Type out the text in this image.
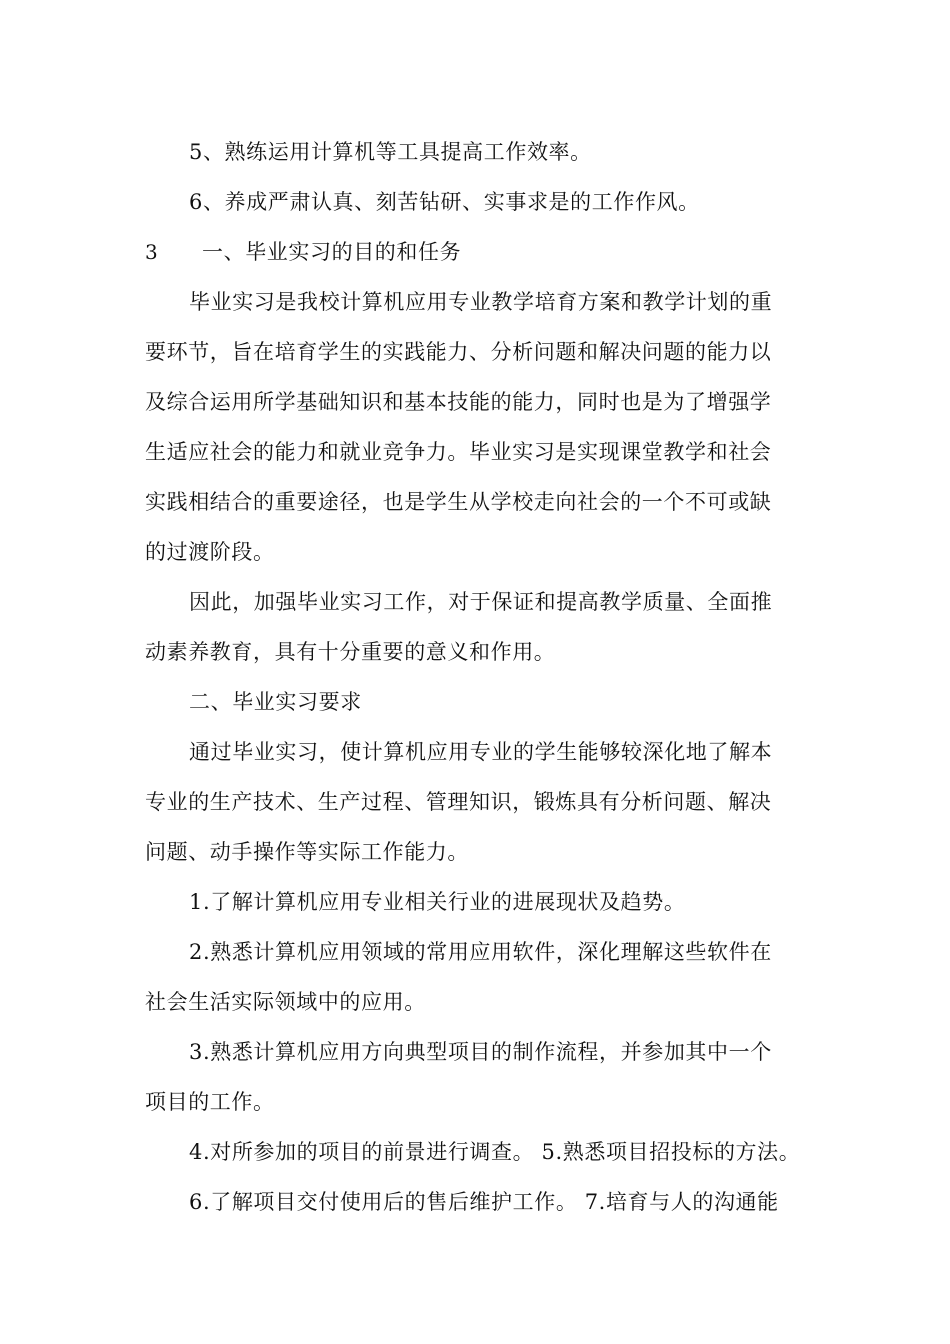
5、熟练运用计算机等工具提高工作效率。
6、养成严肃认真、刻苦钻研、实事求是的工作作风。
3 一、毕业实习的目的和任务
毕业实习是我校计算机应用专业教学培育方案和教学计划的重
要环节，旨在培育学生的实践能力、分析问题和解决问题的能力以
及综合运用所学基础知识和基本技能的能力，同时也是为了增强学
生适应社会的能力和就业竞争力。毕业实习是实现课堂教学和社会
实践相结合的重要途径，也是学生从学校走向社会的一个不可或缺
的过渡阶段。
因此，加强毕业实习工作，对于保证和提高教学质量、全面推
动素养教育，具有十分重要的意义和作用。
二、毕业实习要求
通过毕业实习，使计算机应用专业的学生能够较深化地了解本
专业的生产技术、生产过程、管理知识，锻炼具有分析问题、解决
问题、动手操作等实际工作能力。
1.了解计算机应用专业相关行业的进展现状及趋势。
2.熟悉计算机应用领域的常用应用软件，深化理解这些软件在
社会生活实际领域中的应用。
3.熟悉计算机应用方向典型项目的制作流程，并参加其中一个
项目的工作。
4.对所参加的项目的前景进行调查。 5.熟悉项目招投标的方法。
6.了解项目交付使用后的售后维护工作。 7.培育与人的沟通能
